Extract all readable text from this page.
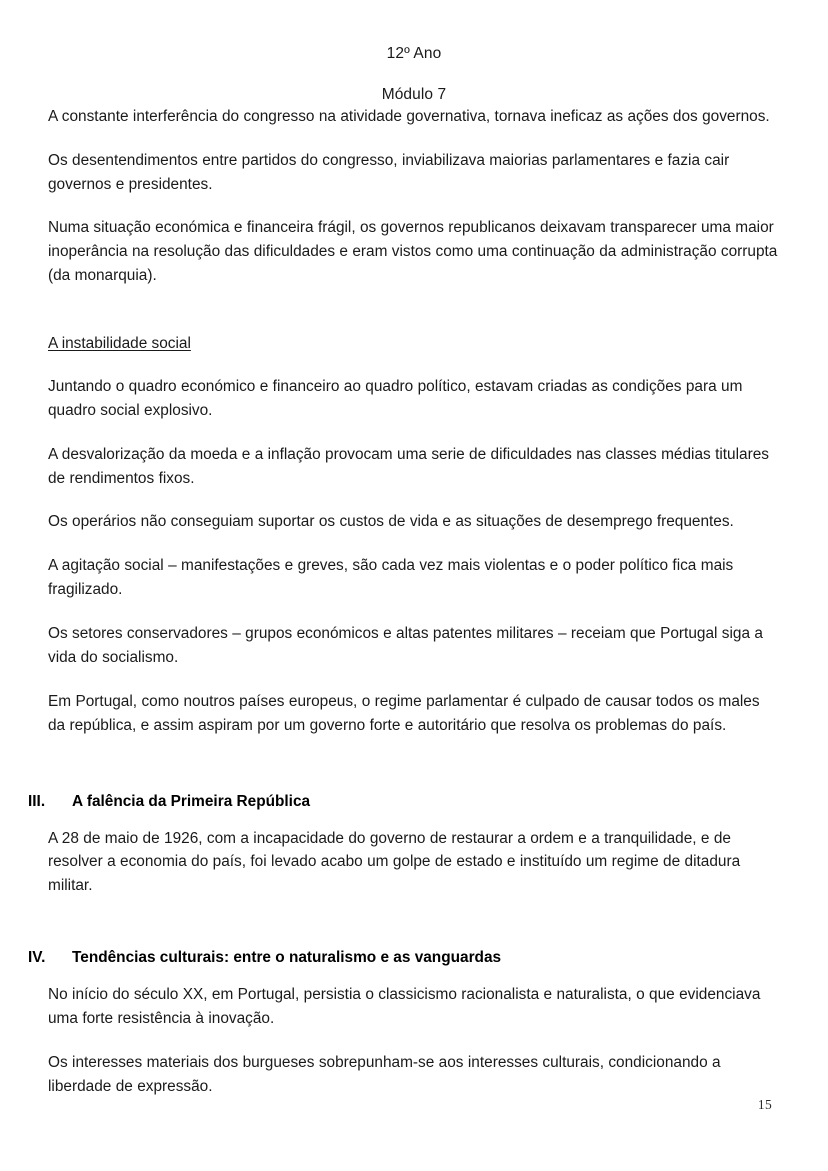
12º Ano
Módulo 7

A constante interferência do congresso na atividade governativa, tornava ineficaz as ações dos governos.

Os desentendimentos entre partidos do congresso, inviabilizava maiorias parlamentares e fazia cair governos e presidentes.

Numa situação económica e financeira frágil, os governos republicanos deixavam transparecer uma maior inoperância na resolução das dificuldades e eram vistos como uma continuação da administração corrupta (da monarquia).

A instabilidade social

Juntando o quadro económico e financeiro ao quadro político, estavam criadas as condições para um quadro social explosivo.

A desvalorização da moeda e a inflação provocam uma serie de dificuldades nas classes médias titulares de rendimentos fixos.

Os operários não conseguiam suportar os custos de vida e as situações de desemprego frequentes.

A agitação social – manifestações e greves, são cada vez mais violentas e o poder político fica mais fragilizado.

Os setores conservadores – grupos económicos e altas patentes militares – receiam que Portugal siga a vida do socialismo.

Em Portugal, como noutros países europeus, o regime parlamentar é culpado de causar todos os males da república, e assim aspiram por um governo forte e autoritário que resolva os problemas do país.

III.	A falência da Primeira República

A 28 de maio de 1926, com a incapacidade do governo de restaurar a ordem e a tranquilidade, e de resolver a economia do país, foi levado acabo um golpe de estado e instituído um regime de ditadura militar.

IV.	Tendências culturais: entre o naturalismo e as vanguardas

No início do século XX, em Portugal, persistia o classicismo racionalista e naturalista, o que evidenciava uma forte resistência à inovação.

Os interesses materiais dos burgueses sobrepunham-se aos interesses culturais, condicionando a liberdade de expressão.

15
